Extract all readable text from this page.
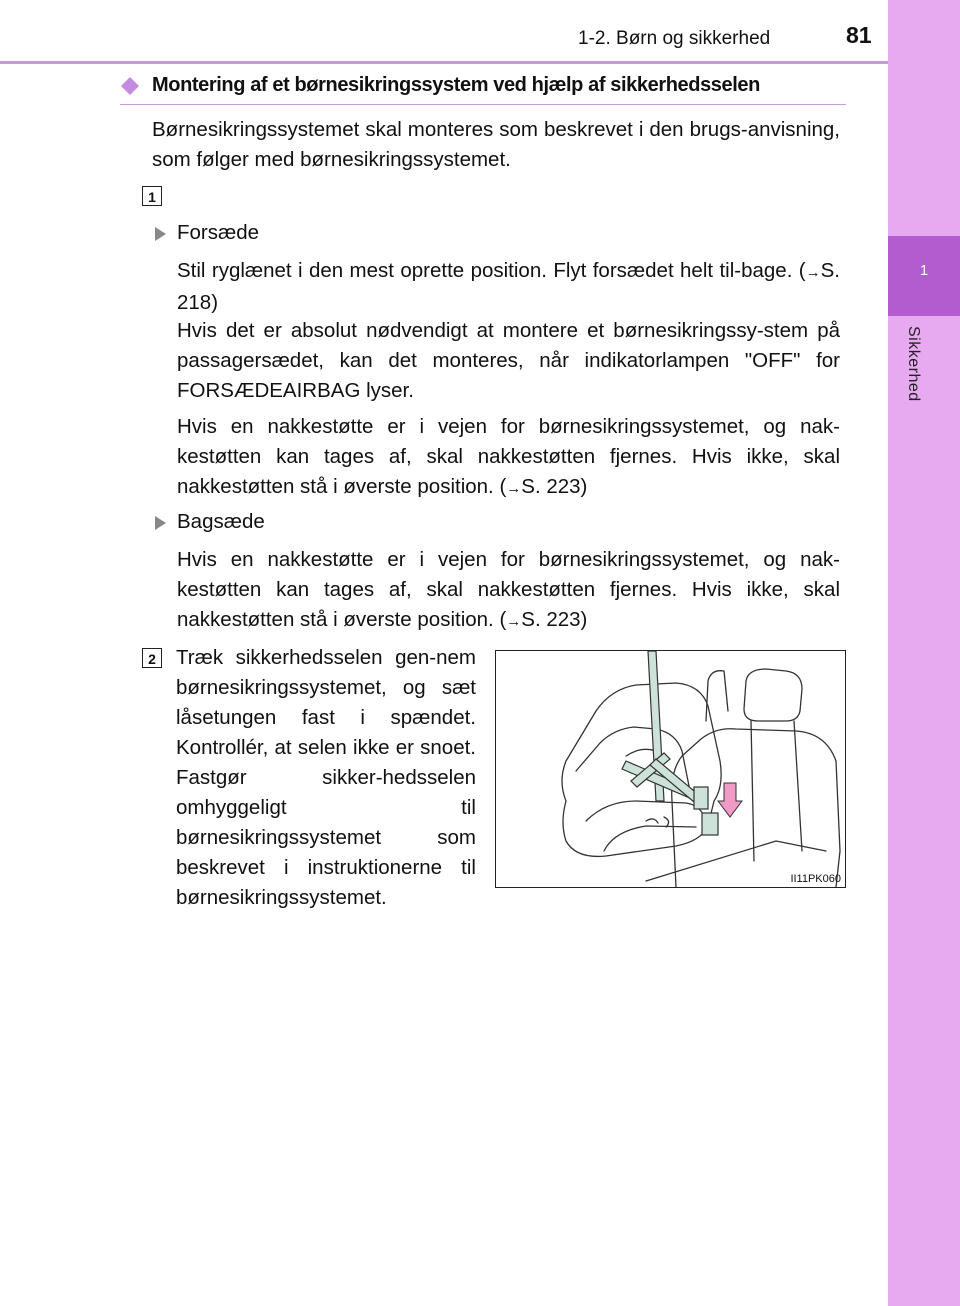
1
Sikkerhed
1-2. Børn og sikkerhed	81
Montering af et børnesikringssystem ved hjælp af sikkerhedsselen
Børnesikringssystemet skal monteres som beskrevet i den brugs-anvisning, som følger med børnesikringssystemet.
1
Forsæde
Stil ryglænet i den mest oprette position. Flyt forsædet helt til-bage. (→S. 218)
Hvis det er absolut nødvendigt at montere et børnesikringssy-stem på passagersædet, kan det monteres, når indikatorlampen "OFF" for FORSÆDEAIRBAG lyser.
Hvis en nakkestøtte er i vejen for børnesikringssystemet, og nak-kestøtten kan tages af, skal nakkestøtten fjernes. Hvis ikke, skal nakkestøtten stå i øverste position. (→S. 223)
Bagsæde
Hvis en nakkestøtte er i vejen for børnesikringssystemet, og nak-kestøtten kan tages af, skal nakkestøtten fjernes. Hvis ikke, skal nakkestøtten stå i øverste position. (→S. 223)
2 Træk sikkerhedsselen gen-nem børnesikringssystemet, og sæt låsetungen fast i spændet. Kontrollér, at selen ikke er snoet. Fastgør sikker-hedsselen omhyggeligt til børnesikringssystemet som beskrevet i instruktionerne til børnesikringssystemet.
II11PK060
